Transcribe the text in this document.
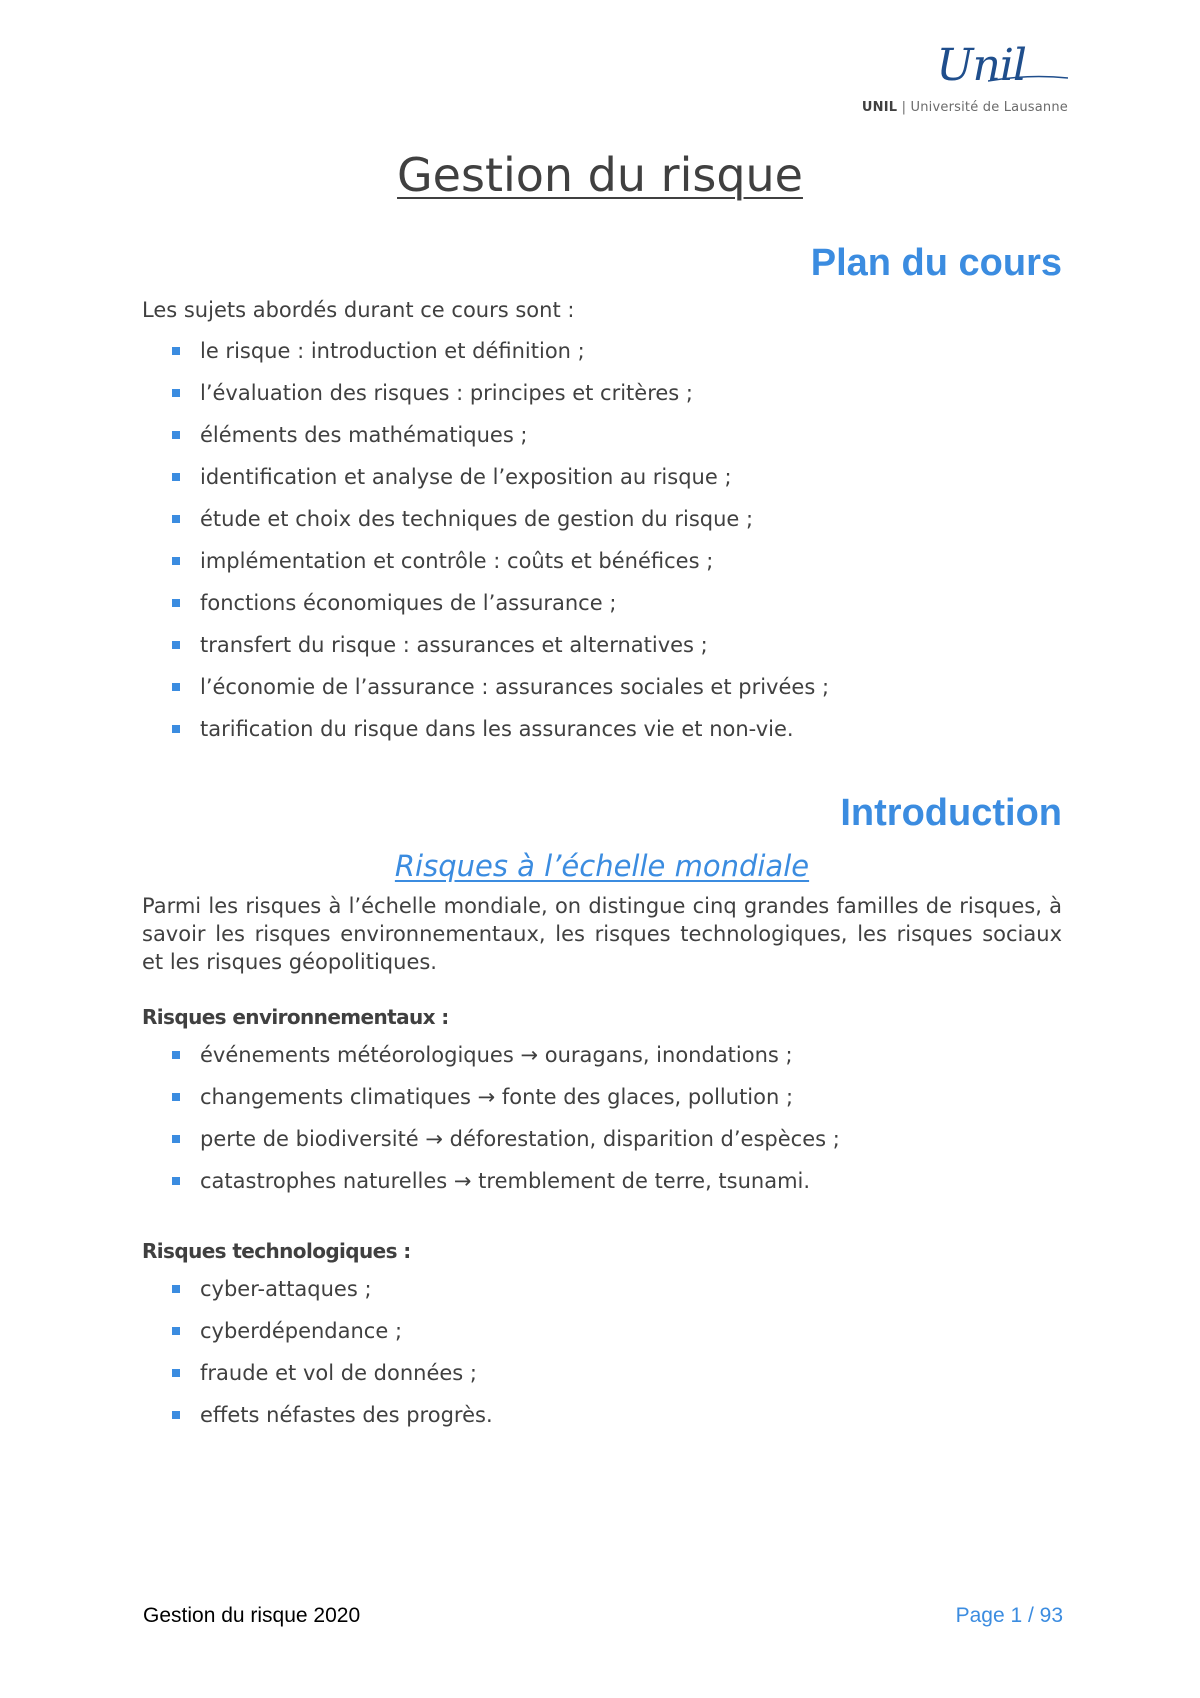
Unil
UNIL | Université de Lausanne
Gestion du risque
Plan du cours

Les sujets abordés durant ce cours sont :

le risque : introduction et définition ;
l’évaluation des risques : principes et critères ;
éléments des mathématiques ;
identification et analyse de l’exposition au risque ;
étude et choix des techniques de gestion du risque ;
implémentation et contrôle : coûts et bénéfices ;
fonctions économiques de l’assurance ;
transfert du risque : assurances et alternatives ;
l’économie de l’assurance : assurances sociales et privées ;
tarification du risque dans les assurances vie et non-vie.
Introduction
Risques à l’échelle mondiale

Parmi les risques à l’échelle mondiale, on distingue cinq grandes familles de risques, à savoir les risques environnementaux, les risques technologiques, les risques sociaux et les risques géopolitiques.

Risques environnementaux :

événements météorologiques → ouragans, inondations ;
changements climatiques → fonte des glaces, pollution ;
perte de biodiversité → déforestation, disparition d’espèces ;
catastrophes naturelles → tremblement de terre, tsunami.

Risques technologiques :

cyber-attaques ;
cyberdépendance ;
fraude et vol de données ;
effets néfastes des progrès.
Gestion du risque 2020	Page 1 / 93
